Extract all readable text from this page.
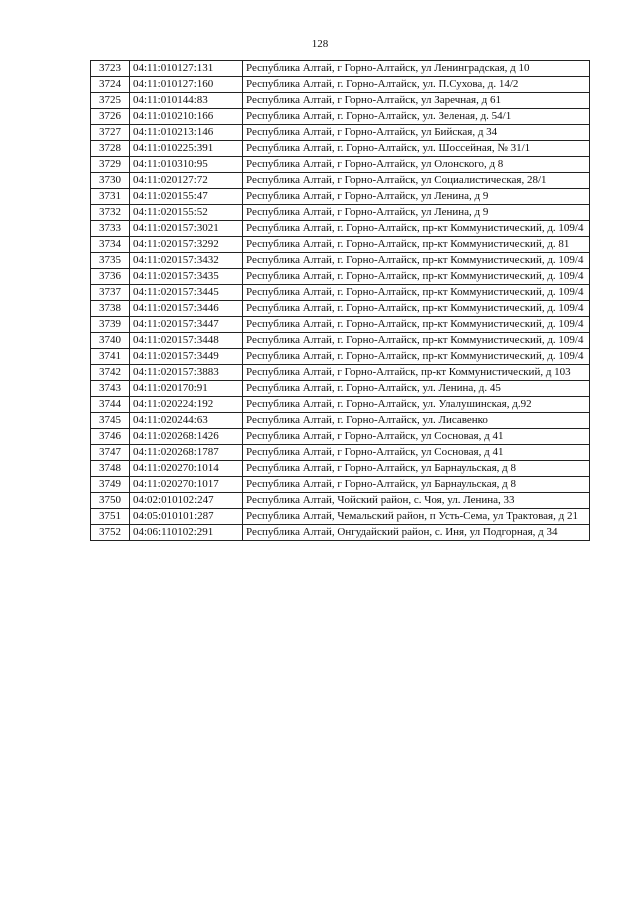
128
3723	04:11:010127:131	Республика Алтай, г Горно-Алтайск, ул Ленинградская, д 10
3724	04:11:010127:160	Республика Алтай, г. Горно-Алтайск, ул. П.Сухова, д. 14/2
3725	04:11:010144:83	Республика Алтай, г Горно-Алтайск, ул Заречная, д 61
3726	04:11:010210:166	Республика Алтай, г. Горно-Алтайск, ул. Зеленая, д. 54/1
3727	04:11:010213:146	Республика Алтай, г Горно-Алтайск, ул Бийская, д 34
3728	04:11:010225:391	Республика Алтай, г. Горно-Алтайск, ул. Шоссейная, № 31/1
3729	04:11:010310:95	Республика Алтай, г Горно-Алтайск, ул Олонского, д 8
3730	04:11:020127:72	Республика Алтай, г Горно-Алтайск, ул Социалистическая, 28/1
3731	04:11:020155:47	Республика Алтай, г Горно-Алтайск, ул Ленина, д 9
3732	04:11:020155:52	Республика Алтай, г Горно-Алтайск, ул Ленина, д 9
3733	04:11:020157:3021	Республика Алтай, г. Горно-Алтайск, пр-кт Коммунистический, д. 109/4
3734	04:11:020157:3292	Республика Алтай, г. Горно-Алтайск, пр-кт Коммунистический, д. 81
3735	04:11:020157:3432	Республика Алтай, г. Горно-Алтайск, пр-кт Коммунистический, д. 109/4
3736	04:11:020157:3435	Республика Алтай, г. Горно-Алтайск, пр-кт Коммунистический, д. 109/4
3737	04:11:020157:3445	Республика Алтай, г. Горно-Алтайск, пр-кт Коммунистический, д. 109/4
3738	04:11:020157:3446	Республика Алтай, г. Горно-Алтайск, пр-кт Коммунистический, д. 109/4
3739	04:11:020157:3447	Республика Алтай, г. Горно-Алтайск, пр-кт Коммунистический, д. 109/4
3740	04:11:020157:3448	Республика Алтай, г. Горно-Алтайск, пр-кт Коммунистический, д. 109/4
3741	04:11:020157:3449	Республика Алтай, г. Горно-Алтайск, пр-кт Коммунистический, д. 109/4
3742	04:11:020157:3883	Республика Алтай, г Горно-Алтайск, пр-кт Коммунистический, д 103
3743	04:11:020170:91	Республика Алтай, г. Горно-Алтайск, ул. Ленина, д. 45
3744	04:11:020224:192	Республика Алтай, г. Горно-Алтайск, ул. Улалушинская, д.92
3745	04:11:020244:63	Республика Алтай, г. Горно-Алтайск, ул. Лисавенко
3746	04:11:020268:1426	Республика Алтай, г Горно-Алтайск, ул Сосновая, д 41
3747	04:11:020268:1787	Республика Алтай, г Горно-Алтайск, ул Сосновая, д 41
3748	04:11:020270:1014	Республика Алтай, г Горно-Алтайск, ул Барнаульская, д 8
3749	04:11:020270:1017	Республика Алтай, г Горно-Алтайск, ул Барнаульская, д 8
3750	04:02:010102:247	Республика Алтай, Чойский район, с. Чоя, ул. Ленина, 33
3751	04:05:010101:287	Республика Алтай, Чемальский район, п Усть-Сема, ул Трактовая, д 21
3752	04:06:110102:291	Республика Алтай, Онгудайский район, с. Иня, ул Подгорная, д 34
